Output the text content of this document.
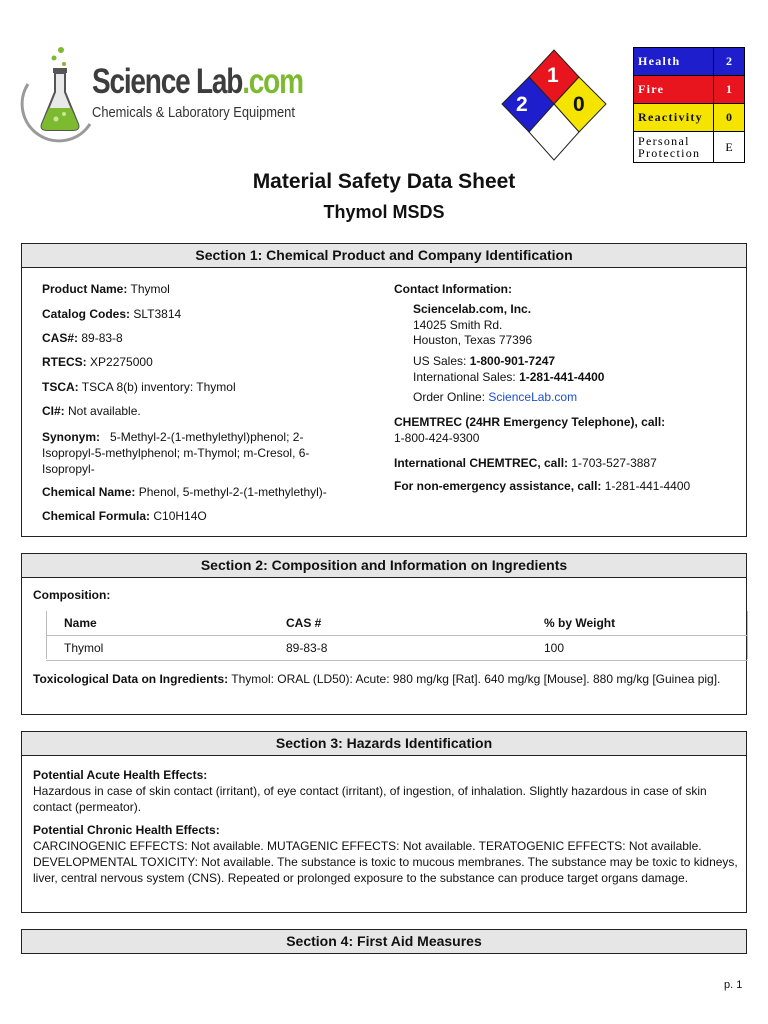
Science Lab.com
Chemicals & Laboratory Equipment
1
2 0
Health	2
Fire	1
Reactivity	0
Personal
Protection	E
Material Safety Data Sheet
Thymol MSDS
Section 1: Chemical Product and Company Identification
Product Name: Thymol
Catalog Codes: SLT3814
CAS#: 89-83-8
RTECS: XP2275000
TSCA: TSCA 8(b) inventory: Thymol
CI#: Not available.
Synonym: 5-Methyl-2-(1-methylethyl)phenol; 2-Isopropyl-5-methylphenol; m-Thymol; m-Cresol, 6-Isopropyl-
Chemical Name: Phenol, 5-methyl-2-(1-methylethyl)-
Chemical Formula: C10H14O
Contact Information:
Sciencelab.com, Inc.
14025 Smith Rd.
Houston, Texas 77396
US Sales: 1-800-901-7247
International Sales: 1-281-441-4400
Order Online: ScienceLab.com
CHEMTREC (24HR Emergency Telephone), call:
1-800-424-9300
International CHEMTREC, call: 1-703-527-3887
For non-emergency assistance, call: 1-281-441-4400
Section 2: Composition and Information on Ingredients
Composition:
Name	CAS #	% by Weight
Thymol	89-83-8	100
Toxicological Data on Ingredients: Thymol: ORAL (LD50): Acute: 980 mg/kg [Rat]. 640 mg/kg [Mouse]. 880 mg/kg [Guinea pig].
Section 3: Hazards Identification
Potential Acute Health Effects:
Hazardous in case of skin contact (irritant), of eye contact (irritant), of ingestion, of inhalation. Slightly hazardous in case of skin contact (permeator).
Potential Chronic Health Effects:
CARCINOGENIC EFFECTS: Not available. MUTAGENIC EFFECTS: Not available. TERATOGENIC EFFECTS: Not available. DEVELOPMENTAL TOXICITY: Not available. The substance is toxic to mucous membranes. The substance may be toxic to kidneys, liver, central nervous system (CNS). Repeated or prolonged exposure to the substance can produce target organs damage.
Section 4: First Aid Measures
p. 1
